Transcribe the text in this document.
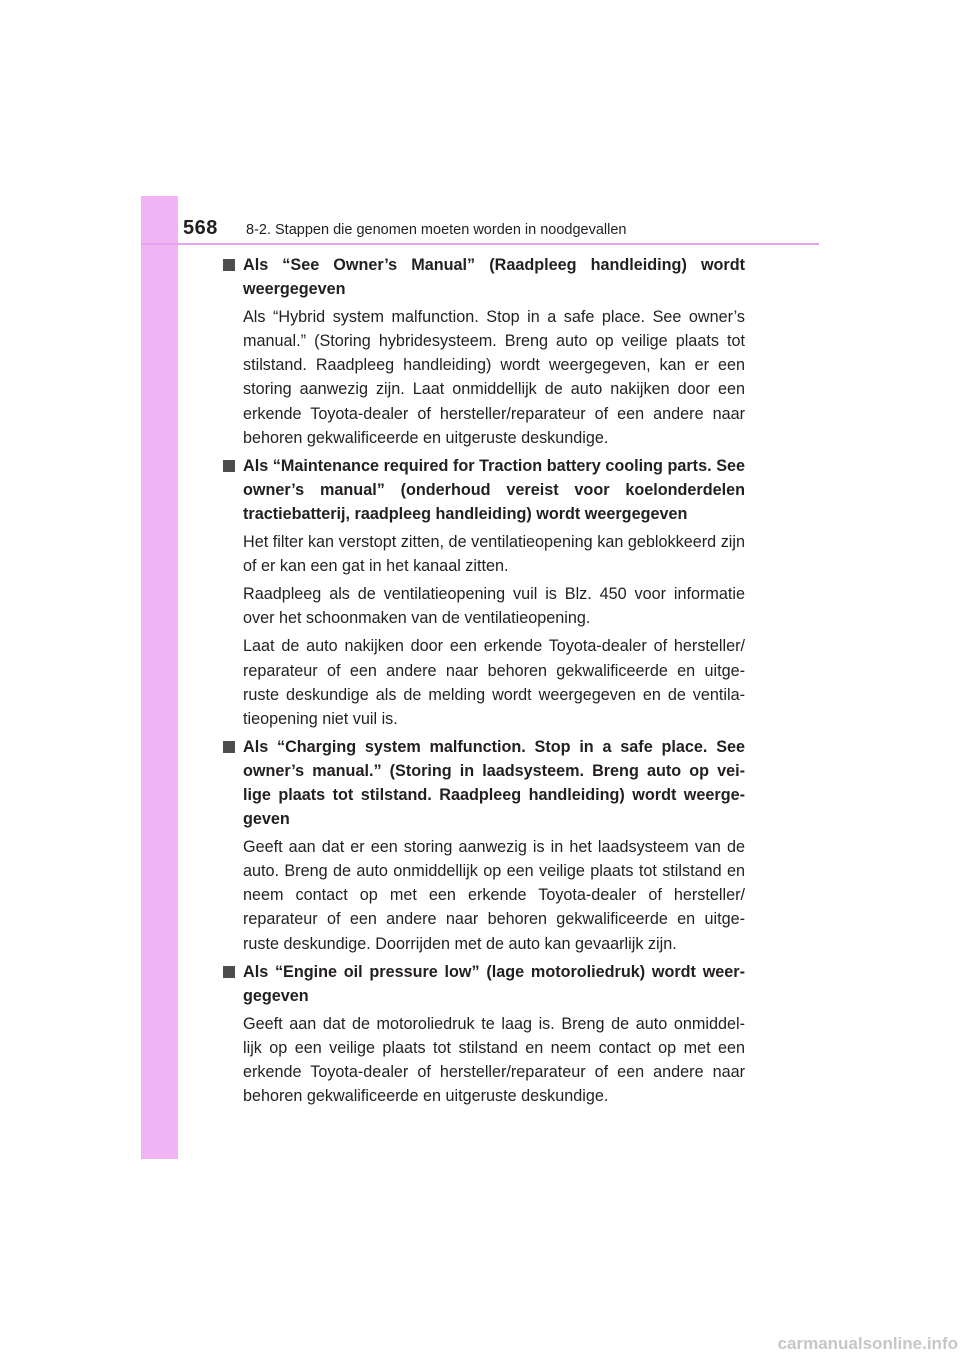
568 8-2. Stappen die genomen moeten worden in noodgevallen
Als “See Owner’s Manual” (Raadpleeg handleiding) wordt weergegeven

Als “Hybrid system malfunction. Stop in a safe place. See owner’s manual.” (Storing hybridesysteem. Breng auto op veilige plaats tot stilstand. Raadpleeg handleiding) wordt weergegeven, kan er een storing aanwezig zijn. Laat onmiddellijk de auto nakijken door een erkende Toyota-dealer of hersteller/reparateur of een andere naar behoren gekwalificeerde en uitgeruste deskundige.

Als “Maintenance required for Traction battery cooling parts. See owner’s manual” (onderhoud vereist voor koelonderdelen tractiebatterij, raadpleeg handleiding) wordt weergegeven

Het filter kan verstopt zitten, de ventilatieopening kan geblokkeerd zijn of er kan een gat in het kanaal zitten.

Raadpleeg als de ventilatieopening vuil is Blz. 450 voor informatie over het schoonmaken van de ventilatieopening.

Laat de auto nakijken door een erkende Toyota-dealer of hersteller/ reparateur of een andere naar behoren gekwalificeerde en uitge- ruste deskundige als de melding wordt weergegeven en de ventila- tieopening niet vuil is.

Als “Charging system malfunction. Stop in a safe place. See owner’s manual.” (Storing in laadsysteem. Breng auto op vei- lige plaats tot stilstand. Raadpleeg handleiding) wordt weerge- geven

Geeft aan dat er een storing aanwezig is in het laadsysteem van de auto. Breng de auto onmiddellijk op een veilige plaats tot stilstand en neem contact op met een erkende Toyota-dealer of hersteller/ reparateur of een andere naar behoren gekwalificeerde en uitge- ruste deskundige. Doorrijden met de auto kan gevaarlijk zijn.

Als “Engine oil pressure low” (lage motoroliedruk) wordt weer- gegeven

Geeft aan dat de motoroliedruk te laag is. Breng de auto onmiddel- lijk op een veilige plaats tot stilstand en neem contact op met een erkende Toyota-dealer of hersteller/reparateur of een andere naar behoren gekwalificeerde en uitgeruste deskundige.

carmanualsonline.info
